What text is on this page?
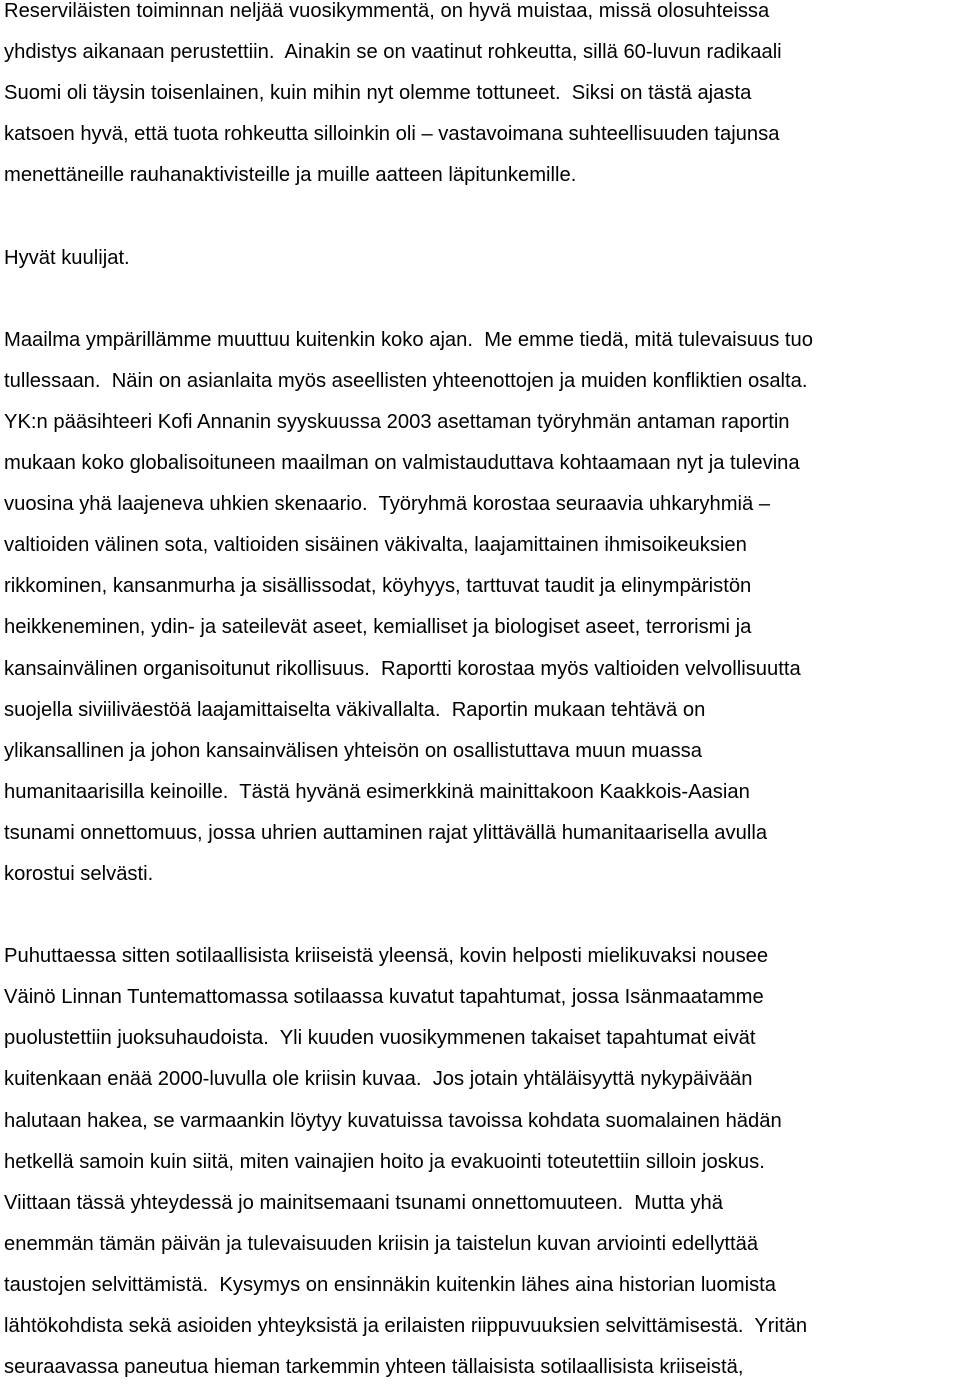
Reserviläisten toiminnan neljää vuosikymmentä, on hyvä muistaa, missä olosuhteissa
yhdistys aikanaan perustettiin.  Ainakin se on vaatinut rohkeutta, sillä 60-luvun radikaali
Suomi oli täysin toisenlainen, kuin mihin nyt olemme tottuneet.  Siksi on tästä ajasta
katsoen hyvä, että tuota rohkeutta silloinkin oli – vastavoimana suhteellisuuden tajunsa
menettäneille rauhanaktivisteille ja muille aatteen läpitunkemille.

Hyvät kuulijat.

Maailma ympärillämme muuttuu kuitenkin koko ajan.  Me emme tiedä, mitä tulevaisuus tuo
tullessaan.  Näin on asianlaita myös aseellisten yhteenottojen ja muiden konfliktien osalta.
YK:n pääsihteeri Kofi Annanin syyskuussa 2003 asettaman työryhmän antaman raportin
mukaan koko globalisoituneen maailman on valmistauduttava kohtaamaan nyt ja tulevina
vuosina yhä laajeneva uhkien skenaario.  Työryhmä korostaa seuraavia uhkaryhmiä –
valtioiden välinen sota, valtioiden sisäinen väkivalta, laajamittainen ihmisoikeuksien
rikkominen, kansanmurha ja sisällissodat, köyhyys, tarttuvat taudit ja elinympäristön
heikkeneminen, ydin- ja sateilevät aseet, kemialliset ja biologiset aseet, terrorismi ja
kansainvälinen organisoitunut rikollisuus.  Raportti korostaa myös valtioiden velvollisuutta
suojella siviiliväestöä laajamittaiselta väkivallalta.  Raportin mukaan tehtävä on
ylikansallinen ja johon kansainvälisen yhteisön on osallistuttava muun muassa
humanitaarisilla keinoille.  Tästä hyvänä esimerkkinä mainittakoon Kaakkois-Aasian
tsunami onnettomuus, jossa uhrien auttaminen rajat ylittävällä humanitaarisella avulla
korostui selvästi.

Puhuttaessa sitten sotilaallisista kriiseistä yleensä, kovin helposti mielikuvaksi nousee
Väinö Linnan Tuntemattomassa sotilaassa kuvatut tapahtumat, jossa Isänmaatamme
puolustettiin juoksuhaudoista.  Yli kuuden vuosikymmenen takaiset tapahtumat eivät
kuitenkaan enää 2000-luvulla ole kriisin kuvaa.  Jos jotain yhtäläisyyttä nykypäivään
halutaan hakea, se varmaankin löytyy kuvatuissa tavoissa kohdata suomalainen hädän
hetkellä samoin kuin siitä, miten vainajien hoito ja evakuointi toteutettiin silloin joskus.
Viittaan tässä yhteydessä jo mainitsemaani tsunami onnettomuuteen.  Mutta yhä
enemmän tämän päivän ja tulevaisuuden kriisin ja taistelun kuvan arviointi edellyttää
taustojen selvittämistä.  Kysymys on ensinnäkin kuitenkin lähes aina historian luomista
lähtökohdista sekä asioiden yhteyksistä ja erilaisten riippuvuuksien selvittämisestä.  Yritän
seuraavassa paneutua hieman tarkemmin yhteen tällaisista sotilaallisista kriiseistä,
